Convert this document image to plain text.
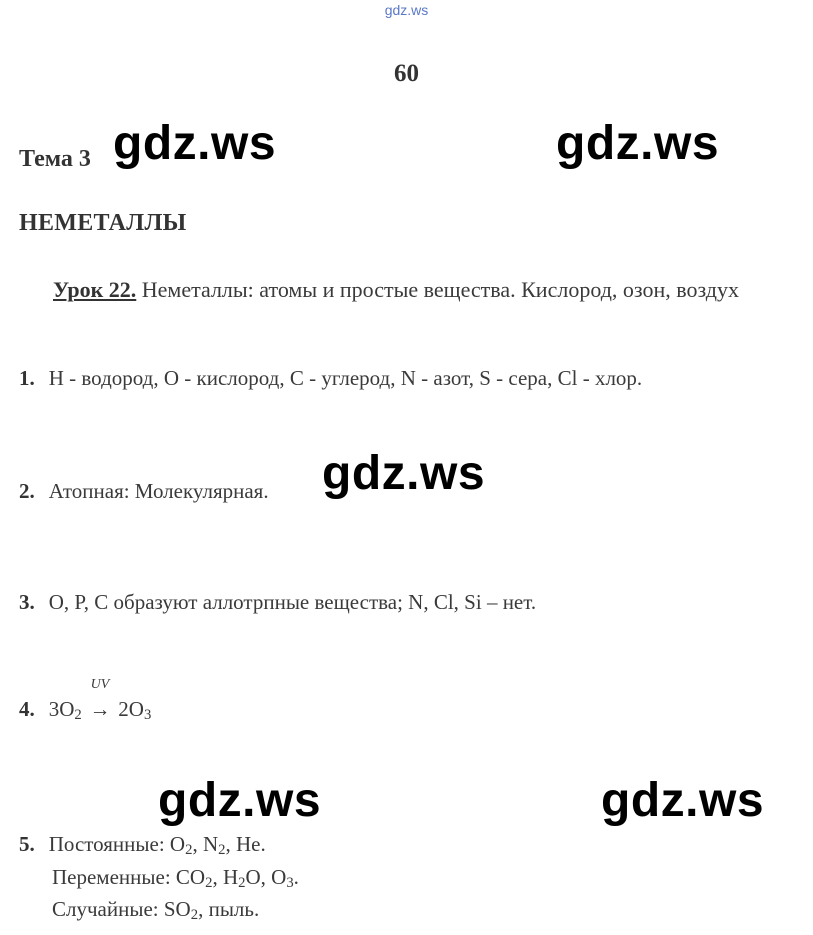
gdz.ws
60
Тема 3
НЕМЕТАЛЛЫ
Урок 22. Неметаллы: атомы и простые вещества. Кислород, озон, воздух
1. H - водород, O - кислород, C - углерод, N - азот, S - сера, Cl - хлор.
2. Атопная: Молекулярная.
3. O, P, C образуют аллотрпные вещества; N, Cl, Si – нет.
4. $3O_2$
UV
→ $2O_3$
5. Постоянные: $O_2$, $N_2$, He.
Переменные: $CO_2$, $H_2O$, $O_3$.
Случайные: $SO_2$, пыль.
gdz.ws	gdz.ws
gdz.ws
gdz.ws	gdz.ws
